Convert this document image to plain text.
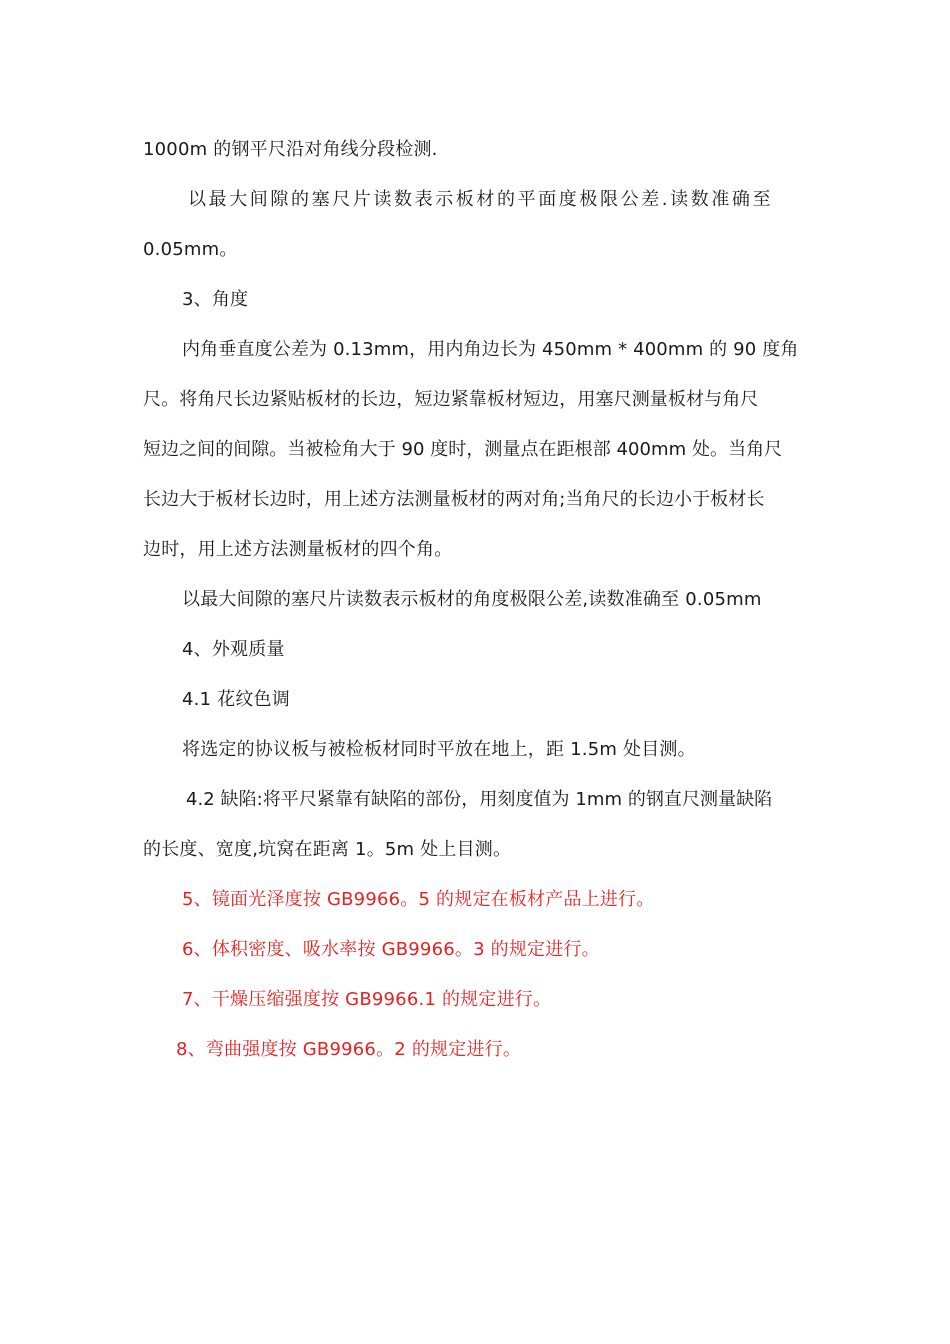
1000m 的钢平尺沿对角线分段检测.
以最大间隙的塞尺片读数表示板材的平面度极限公差.读数准确至
0.05mm。
3、角度
内角垂直度公差为 0.13mm，用内角边长为 450mm * 400mm 的 90 度角
尺。将角尺长边紧贴板材的长边，短边紧靠板材短边，用塞尺测量板材与角尺
短边之间的间隙。当被检角大于 90 度时，测量点在距根部 400mm 处。当角尺
长边大于板材长边时，用上述方法测量板材的两对角;当角尺的长边小于板材长
边时，用上述方法测量板材的四个角。
以最大间隙的塞尺片读数表示板材的角度极限公差,读数准确至 0.05mm
4、外观质量
4.1 花纹色调
将选定的协议板与被检板材同时平放在地上，距 1.5m 处目测。
4.2 缺陷:将平尺紧靠有缺陷的部份，用刻度值为 1mm 的钢直尺测量缺陷
的长度、宽度,坑窝在距离 1。5m 处上目测。
5、镜面光泽度按 GB9966。5 的规定在板材产品上进行。
6、体积密度、吸水率按 GB9966。3 的规定进行。
7、干燥压缩强度按 GB9966.1 的规定进行。
8、弯曲强度按 GB9966。2 的规定进行。
